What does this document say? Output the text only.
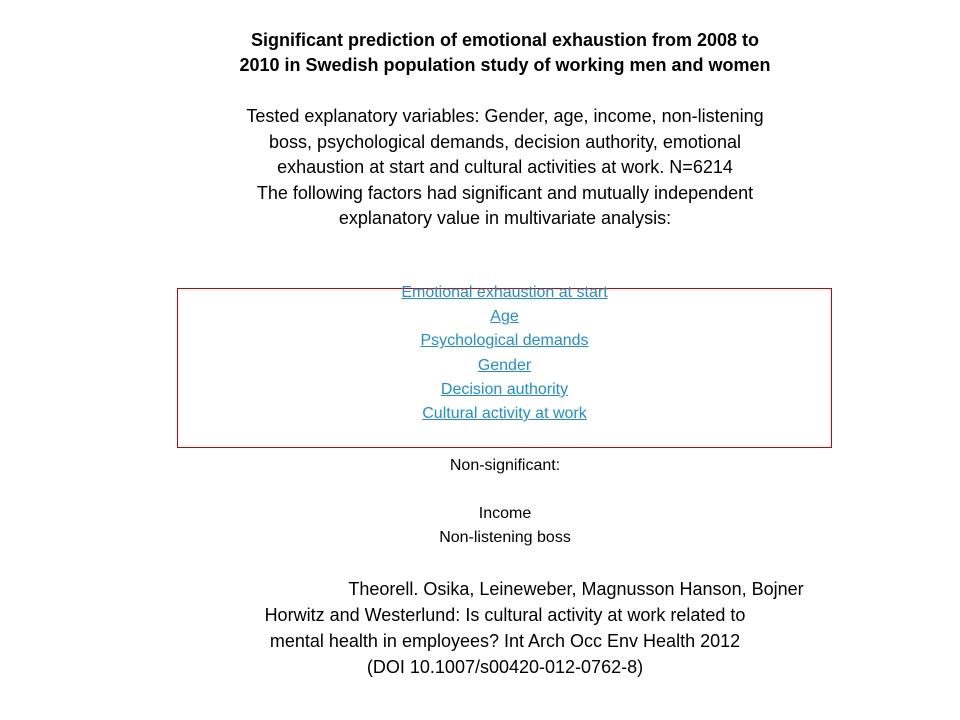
Significant prediction of emotional exhaustion from 2008 to
2010 in Swedish population study of working men and women
Tested explanatory variables: Gender, age, income, non-listening
boss, psychological demands, decision authority, emotional
exhaustion at start and cultural activities at work. N=6214
The following factors had significant and mutually independent
explanatory value in multivariate analysis:
Emotional exhaustion at start
Age
Psychological demands
Gender
Decision authority
Cultural activity at work
Non-significant:
Income
Non-listening boss
Theorell. Osika, Leineweber, Magnusson Hanson, Bojner
Horwitz and Westerlund: Is cultural activity at work related to
mental health in employees? Int Arch Occ Env Health 2012
(DOI 10.1007/s00420-012-0762-8)
